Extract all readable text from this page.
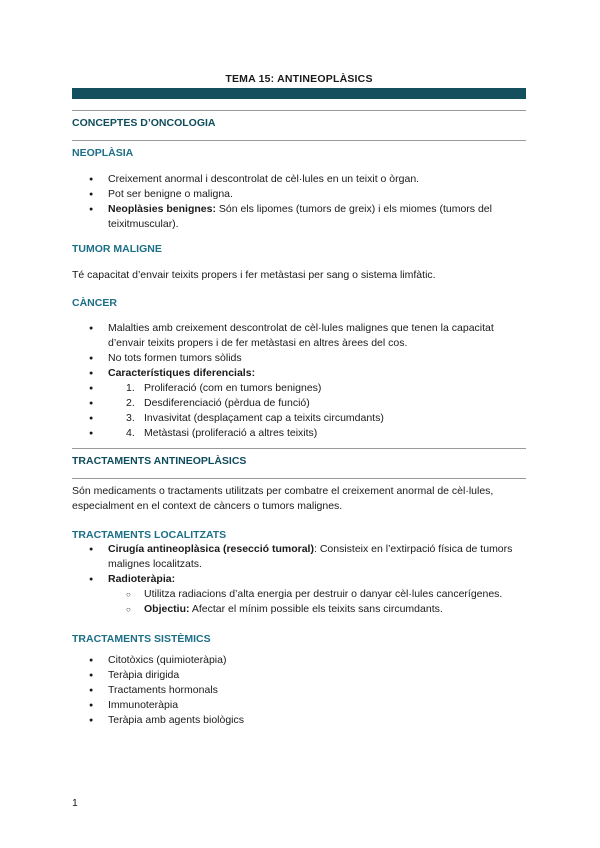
TEMA 15: ANTINEOPLÀSICS
CONCEPTES D’ONCOLOGIA
NEOPLÀSIA
● Creixement anormal i descontrolat de cèl·lules en un teixit o òrgan.
● Pot ser benigne o maligna.
● Neoplàsies benignes: Són els lipomes (tumors de greix) i els miomes (tumors del teixitmuscular).
TUMOR MALIGNE
Té capacitat d’envair teixits propers i fer metàstasi per sang o sistema limfàtic.
CÀNCER
● Malalties amb creixement descontrolat de cèl·lules malignes que tenen la capacitat d’envair teixits propers i de fer metàstasi en altres àrees del cos.
● No tots formen tumors sòlids
● Característiques diferencials:
● 1. Proliferació (com en tumors benignes)
● 2. Desdiferenciació (pèrdua de funció)
● 3. Invasivitat (desplaçament cap a teixits circumdants)
● 4. Metàstasi (proliferació a altres teixits)
TRACTAMENTS ANTINEOPLÀSICS
Són medicaments o tractaments utilitzats per combatre el creixement anormal de cèl·lules, especialment en el context de càncers o tumors malignes.
TRACTAMENTS LOCALITZATS
● Cirugía antineoplàsica (resecció tumoral): Consisteix en l’extirpació física de tumors malignes localitzats.
● Radioteràpia:
○ Utilitza radiacions d’alta energia per destruir o danyar cèl·lules cancerígenes.
○ Objectiu: Afectar el mínim possible els teixits sans circumdants.
TRACTAMENTS SISTÈMICS
● Citotòxics (quimioteràpia)
● Teràpia dirigida
● Tractaments hormonals
● Immunoteràpia
● Teràpia amb agents biològics
1
